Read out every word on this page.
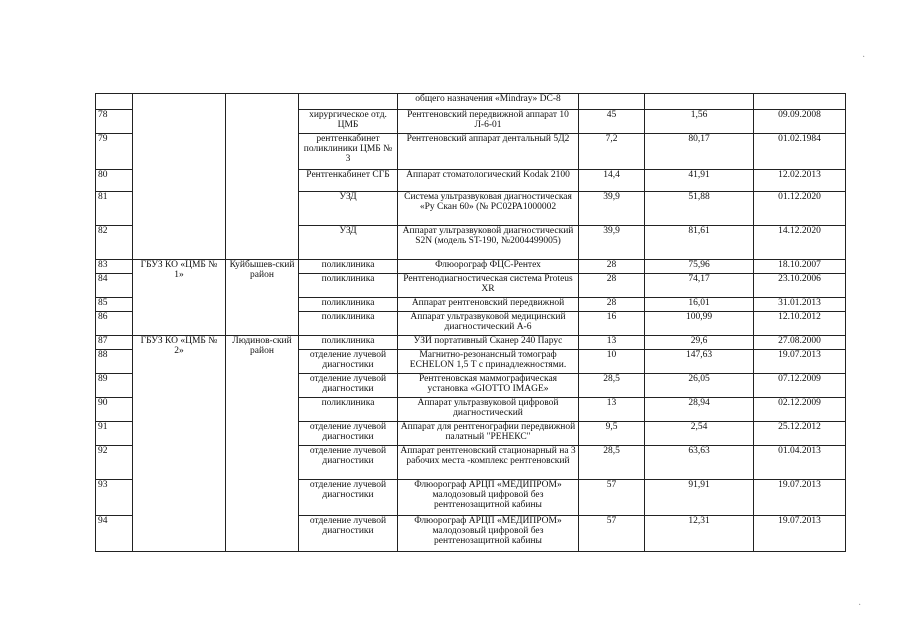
				общего назначения «Mindray» DC-8			
78			хирургическое отд. ЦМБ	Рентгеновский передвижной аппарат 10 Л-6-01	45	1,56	09.09.2008
79			рентгенкабинет поликлиники ЦМБ № 3	Рентгеновский аппарат дентальный 5Д2	7,2	80,17	01.02.1984
80			Рентгенкабинет СГБ	Аппарат стоматологический Kodak 2100	14,4	41,91	12.02.2013
81			УЗД	Система ультразвуковая диагностическая «Ру Скан 60» (№ РС02РА1000002	39,9	51,88	01.12.2020
82			УЗД	Аппарат ультразвуковой диагностический S2N (модель ST-190, №2004499005)	39,9	81,61	14.12.2020
83	ГБУЗ КО «ЦМБ № 1»	Куйбышев-ский район	поликлиника	Флюорограф ФЦС-Рентех	28	75,96	18.10.2007
84			поликлиника	Рентгенодиагностическая система Proteus XR	28	74,17	23.10.2006
85			поликлиника	Аппарат рентгеновский передвижной	28	16,01	31.01.2013
86			поликлиника	Аппарат ультразвуковой медицинский диагностический А-6	16	100,99	12.10.2012
87	ГБУЗ КО «ЦМБ № 2»	Людинов-ский район	поликлиника	УЗИ портативный Сканер 240 Парус	13	29,6	27.08.2000
88			отделение лучевой диагностики	Магнитно-резонансный томограф ECHELON 1,5 Т с принадлежностями.	10	147,63	19.07.2013
89			отделение лучевой диагностики	Рентгеновская маммографическая установка «GIOTTO IMAGE»	28,5	26,05	07.12.2009
90			поликлиника	Аппарат ультразвуковой цифровой диагностический	13	28,94	02.12.2009
91			отделение лучевой диагностики	Аппарат для рентгенографии передвижной палатный "РЕНЕКС"	9,5	2,54	25.12.2012
92			отделение лучевой диагностики	Аппарат рентгеновский стационарный на 3 рабочих места -комплекс рентгеновский	28,5	63,63	01.04.2013
93			отделение лучевой диагностики	Флюорограф АРЦП «МЕДИПРОМ» малодозовый цифровой без рентгенозащитной кабины	57	91,91	19.07.2013
94			отделение лучевой диагностики	Флюорограф АРЦП «МЕДИПРОМ» малодозовый цифровой без рентгенозащитной кабины	57	12,31	19.07.2013
·
·
